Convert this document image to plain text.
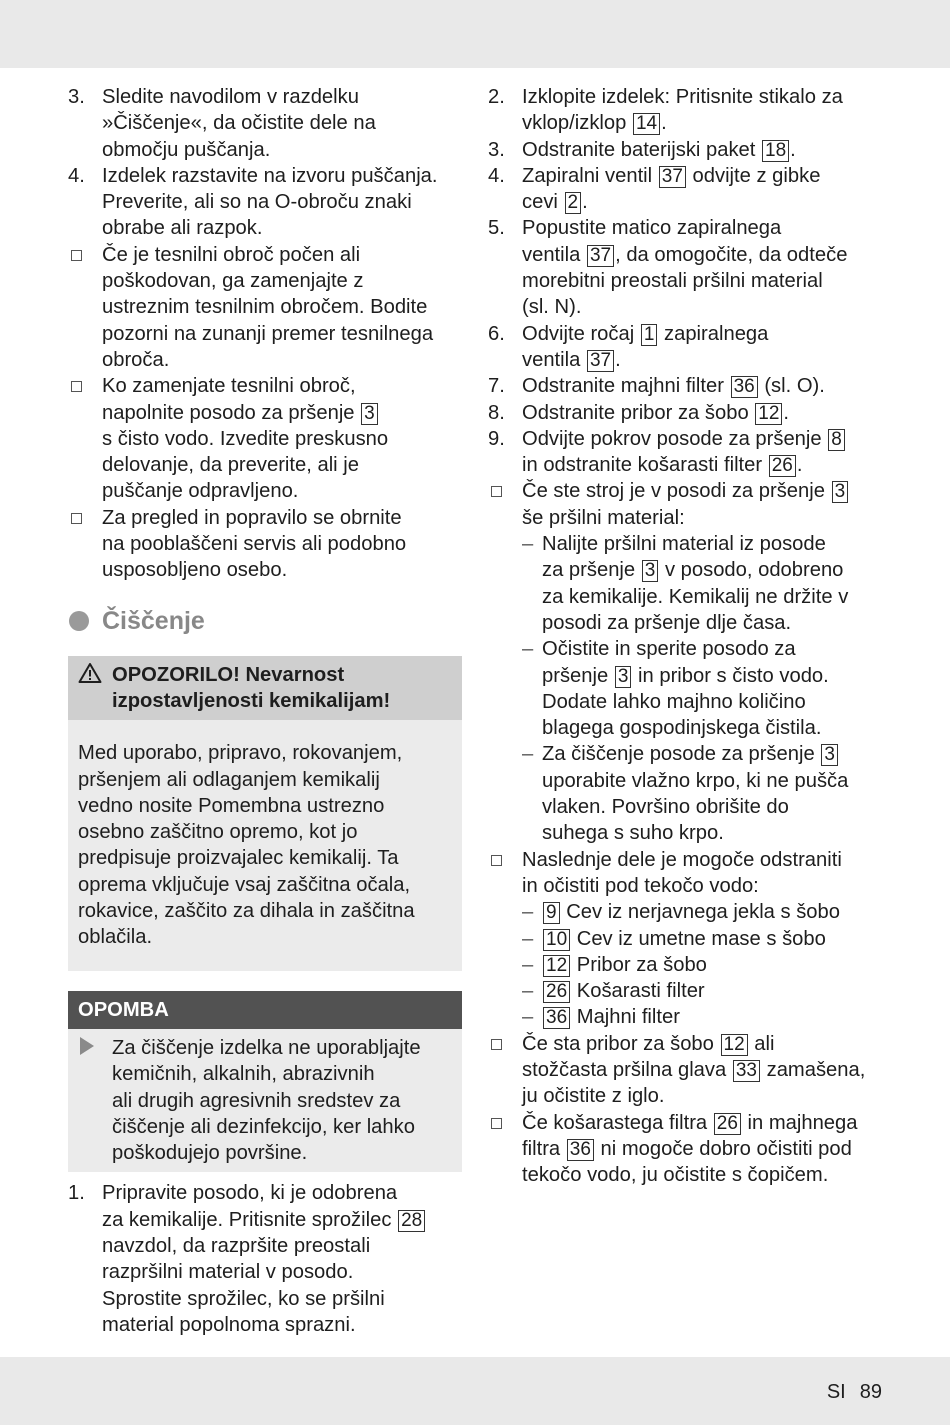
3. Sledite navodilom v razdelku
»Čiščenje«, da očistite dele na
območju puščanja.
4. Izdelek razstavite na izvoru puščanja.
Preverite, ali so na O-obroču znaki
obrabe ali razpok.
Če je tesnilni obroč počen ali
poškodovan, ga zamenjajte z
ustreznim tesnilnim obročem. Bodite
pozorni na zunanji premer tesnilnega
obroča.
Ko zamenjate tesnilni obroč,
napolnite posodo za pršenje 3
s čisto vodo. Izvedite preskusno
delovanje, da preverite, ali je
puščanje odpravljeno.
Za pregled in popravilo se obrnite
na pooblaščeni servis ali podobno
usposobljeno osebo.
Čiščenje
OPOZORILO! Nevarnost
izpostavljenosti kemikalijam!
Med uporabo, pripravo, rokovanjem,
pršenjem ali odlaganjem kemikalij
vedno nosite Pomembna ustrezno
osebno zaščitno opremo, kot jo
predpisuje proizvajalec kemikalij. Ta
oprema vključuje vsaj zaščitna očala,
rokavice, zaščito za dihala in zaščitna
oblačila.
OPOMBA
Za čiščenje izdelka ne uporabljajte
kemičnih, alkalnih, abrazivnih
ali drugih agresivnih sredstev za
čiščenje ali dezinfekcijo, ker lahko
poškodujejo površine.
1. Pripravite posodo, ki je odobrena
za kemikalije. Pritisnite sprožilec 28
navzdol, da razpršite preostali
razpršilni material v posodo.
Sprostite sprožilec, ko se pršilni
material popolnoma sprazni.
2. Izklopite izdelek: Pritisnite stikalo za
vklop/izklop 14 .
3. Odstranite baterijski paket 18 .
4. Zapiralni ventil 37 odvijte z gibke
cevi 2 .
5. Popustite matico zapiralnega
ventila 37 , da omogočite, da odteče
morebitni preostali pršilni material
(sl. N).
6. Odvijte ročaj 1 zapiralnega
ventila 37 .
7. Odstranite majhni filter 36 (sl. O).
8. Odstranite pribor za šobo 12 .
9. Odvijte pokrov posode za pršenje 8
in odstranite košarasti filter 26 .
Če ste stroj je v posodi za pršenje 3
še pršilni material:
– Nalijte pršilni material iz posode
za pršenje 3 v posodo, odobreno
za kemikalije. Kemikalij ne držite v
posodi za pršenje dlje časa.
– Očistite in sperite posodo za
pršenje 3 in pribor s čisto vodo.
Dodate lahko majhno količino
blagega gospodinjskega čistila.
– Za čiščenje posode za pršenje 3
uporabite vlažno krpo, ki ne pušča
vlaken. Površino obrišite do
suhega s suho krpo.
Naslednje dele je mogoče odstraniti
in očistiti pod tekočo vodo:
– 9 Cev iz nerjavnega jekla s šobo
– 10 Cev iz umetne mase s šobo
– 12 Pribor za šobo
– 26 Košarasti filter
– 36 Majhni filter
Če sta pribor za šobo 12 ali
stožčasta pršilna glava 33 zamašena,
ju očistite z iglo.
Če košarastega filtra 26 in majhnega
filtra 36 ni mogoče dobro očistiti pod
tekočo vodo, ju očistite s čopičem.
SI 89
